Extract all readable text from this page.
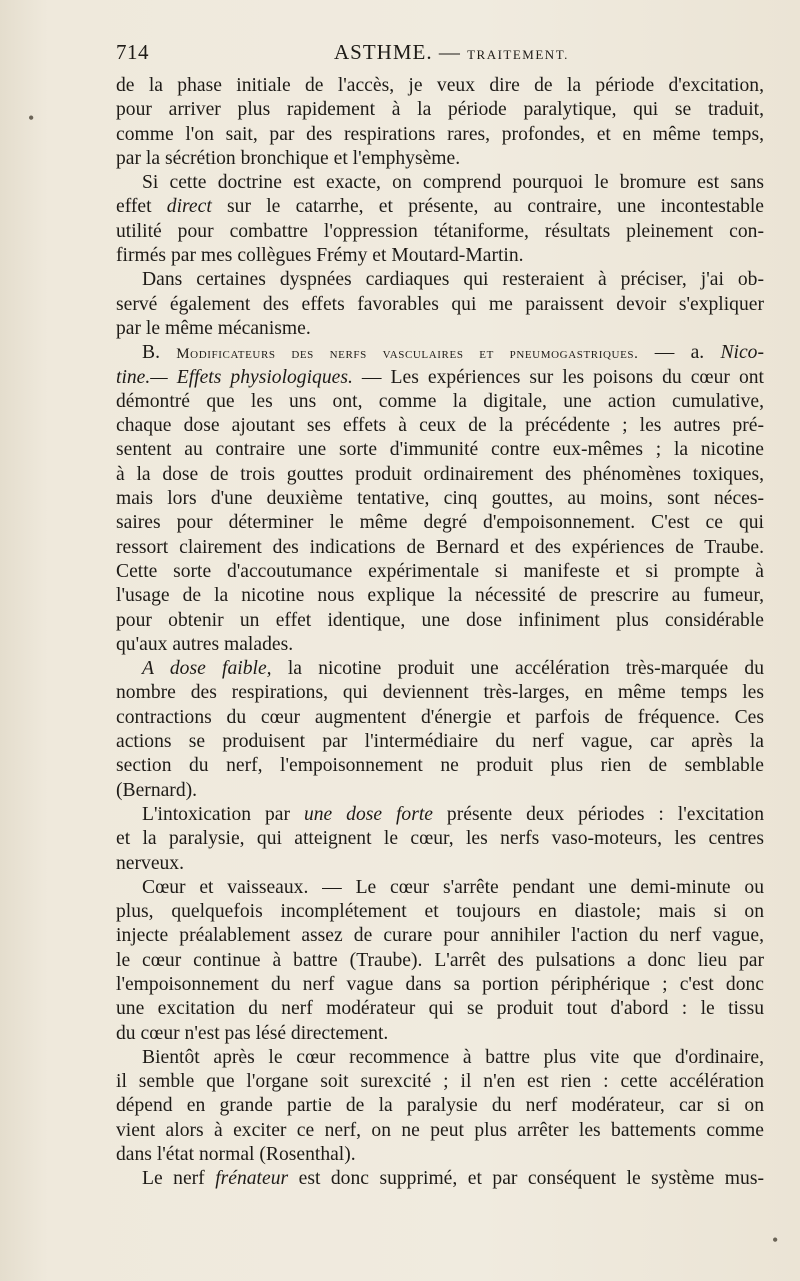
714	ASTHME. — TRAITEMENT.
de la phase initiale de l'accès, je veux dire de la période d'excitation,
pour arriver plus rapidement à la période paralytique, qui se traduit,
comme l'on sait, par des respirations rares, profondes, et en même temps,
par la sécrétion bronchique et l'emphysème.
Si cette doctrine est exacte, on comprend pourquoi le bromure est sans
effet direct sur le catarrhe, et présente, au contraire, une incontestable
utilité pour combattre l'oppression tétaniforme, résultats pleinement con-
firmés par mes collègues Frémy et Moutard-Martin.
Dans certaines dyspnées cardiaques qui resteraient à préciser, j'ai ob-
servé également des effets favorables qui me paraissent devoir s'expliquer
par le même mécanisme.
B. Modificateurs des nerfs vasculaires et pneumogastriques. — a. Nico-
tine.— Effets physiologiques. — Les expériences sur les poisons du cœur ont
démontré que les uns ont, comme la digitale, une action cumulative,
chaque dose ajoutant ses effets à ceux de la précédente ; les autres pré-
sentent au contraire une sorte d'immunité contre eux-mêmes ; la nicotine
à la dose de trois gouttes produit ordinairement des phénomènes toxiques,
mais lors d'une deuxième tentative, cinq gouttes, au moins, sont néces-
saires pour déterminer le même degré d'empoisonnement. C'est ce qui
ressort clairement des indications de Bernard et des expériences de Traube.
Cette sorte d'accoutumance expérimentale si manifeste et si prompte à
l'usage de la nicotine nous explique la nécessité de prescrire au fumeur,
pour obtenir un effet identique, une dose infiniment plus considérable
qu'aux autres malades.
A dose faible, la nicotine produit une accélération très-marquée du
nombre des respirations, qui deviennent très-larges, en même temps les
contractions du cœur augmentent d'énergie et parfois de fréquence. Ces
actions se produisent par l'intermédiaire du nerf vague, car après la
section du nerf, l'empoisonnement ne produit plus rien de semblable
(Bernard).
L'intoxication par une dose forte présente deux périodes : l'excitation
et la paralysie, qui atteignent le cœur, les nerfs vaso-moteurs, les centres
nerveux.
Cœur et vaisseaux. — Le cœur s'arrête pendant une demi-minute ou
plus, quelquefois incomplétement et toujours en diastole; mais si on
injecte préalablement assez de curare pour annihiler l'action du nerf vague,
le cœur continue à battre (Traube). L'arrêt des pulsations a donc lieu par
l'empoisonnement du nerf vague dans sa portion périphérique ; c'est donc
une excitation du nerf modérateur qui se produit tout d'abord : le tissu
du cœur n'est pas lésé directement.
Bientôt après le cœur recommence à battre plus vite que d'ordinaire,
il semble que l'organe soit surexcité ; il n'en est rien : cette accélération
dépend en grande partie de la paralysie du nerf modérateur, car si on
vient alors à exciter ce nerf, on ne peut plus arrêter les battements comme
dans l'état normal (Rosenthal).
Le nerf frénateur est donc supprimé, et par conséquent le système mus-
•
•
